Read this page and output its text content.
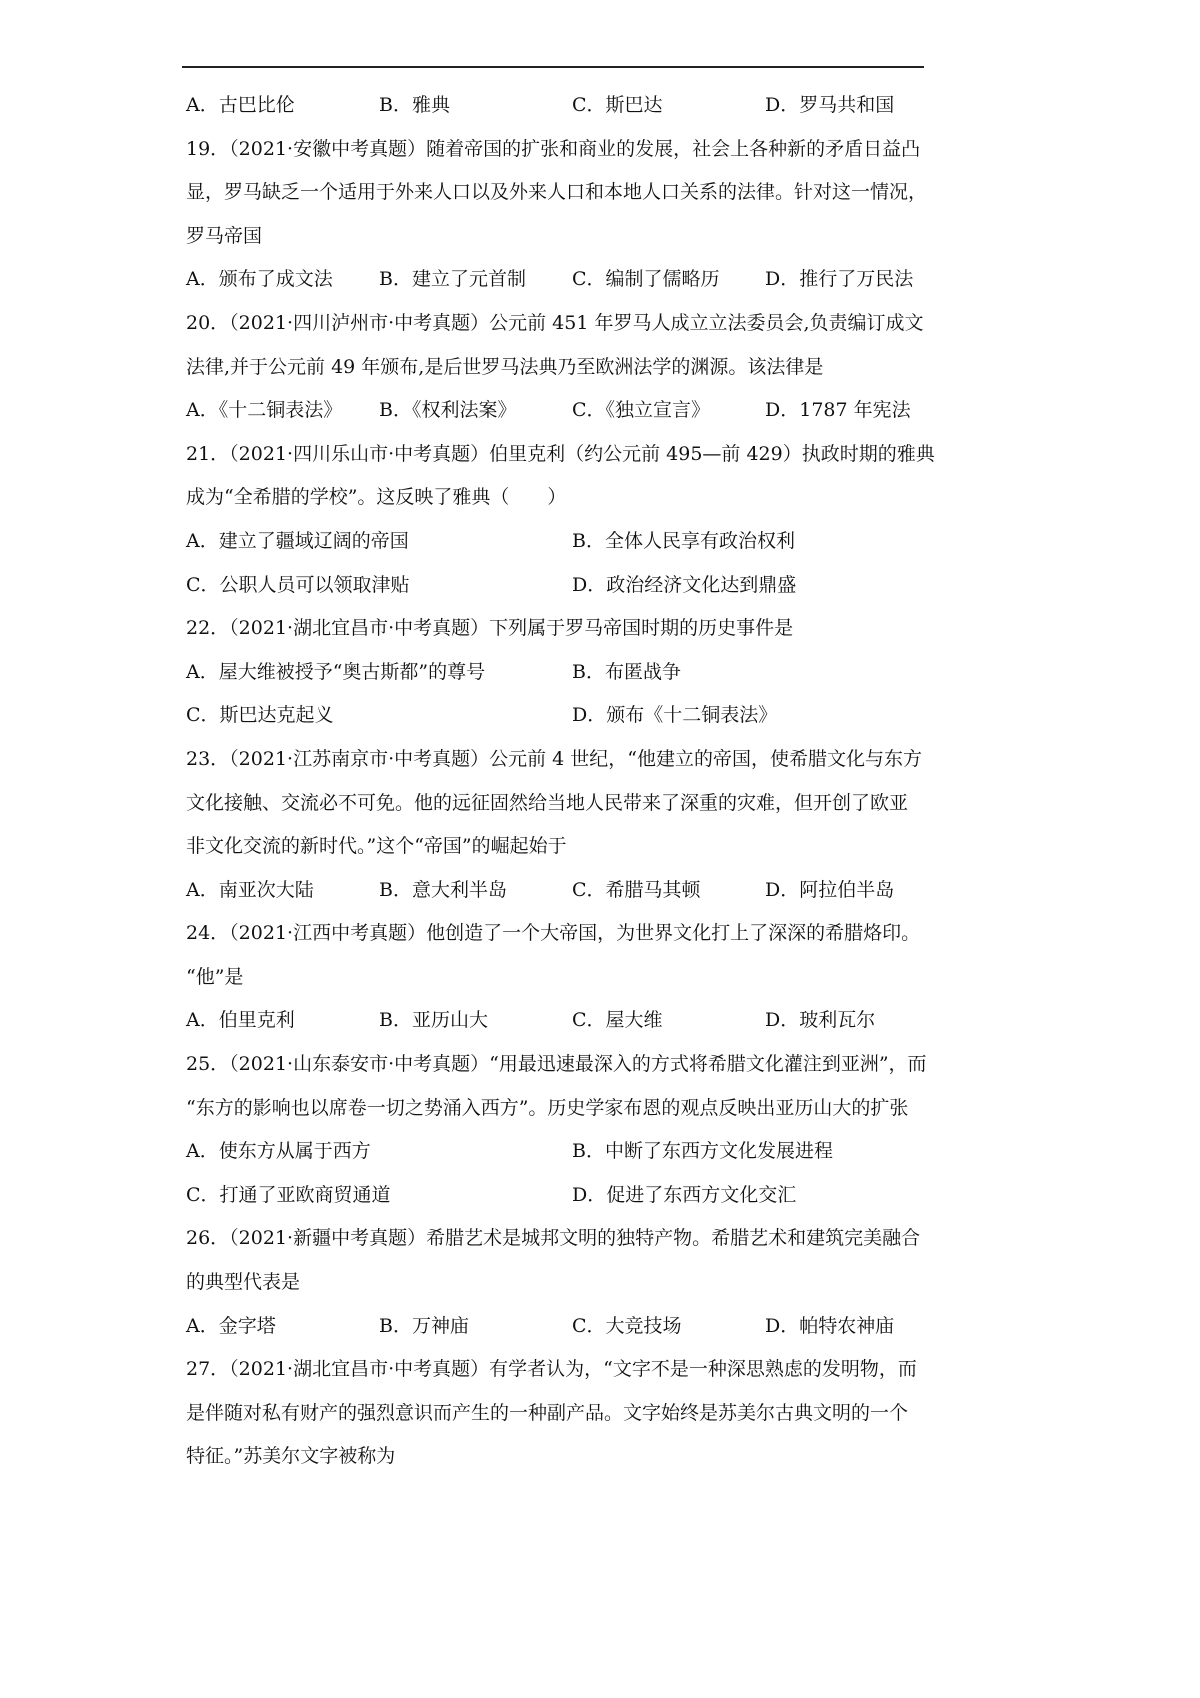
A．古巴比伦	B．雅典	C．斯巴达	D．罗马共和国
19．（2021·安徽中考真题）随着帝国的扩张和商业的发展，社会上各种新的矛盾日益凸
显，罗马缺乏一个适用于外来人口以及外来人口和本地人口关系的法律。针对这一情况，
罗马帝国
A．颁布了成文法	B．建立了元首制	C．编制了儒略历	D．推行了万民法
20．（2021·四川泸州市·中考真题）公元前 451 年罗马人成立立法委员会,负责编订成文
法律,并于公元前 49 年颁布,是后世罗马法典乃至欧洲法学的渊源。该法律是
A．《十二铜表法》	B．《权利法案》	C．《独立宣言》	D．1787 年宪法
21．（2021·四川乐山市·中考真题）伯里克利（约公元前 495—前 429）执政时期的雅典
成为“全希腊的学校”。这反映了雅典（　　）
A．建立了疆域辽阔的帝国	B．全体人民享有政治权利
C．公职人员可以领取津贴	D．政治经济文化达到鼎盛
22．（2021·湖北宜昌市·中考真题）下列属于罗马帝国时期的历史事件是
A．屋大维被授予“奥古斯都”的尊号	B．布匿战争
C．斯巴达克起义	D．颁布《十二铜表法》
23．（2021·江苏南京市·中考真题）公元前 4 世纪，“他建立的帝国，使希腊文化与东方
文化接触、交流必不可免。他的远征固然给当地人民带来了深重的灾难，但开创了欧亚
非文化交流的新时代。”这个“帝国”的崛起始于
A．南亚次大陆	B．意大利半岛	C．希腊马其顿	D．阿拉伯半岛
24．（2021·江西中考真题）他创造了一个大帝国，为世界文化打上了深深的希腊烙印。
“他”是
A．伯里克利	B．亚历山大	C．屋大维	D．玻利瓦尔
25．（2021·山东泰安市·中考真题）“用最迅速最深入的方式将希腊文化灌注到亚洲”，而
“东方的影响也以席卷一切之势涌入西方”。历史学家布恩的观点反映出亚历山大的扩张
A．使东方从属于西方	B．中断了东西方文化发展进程
C．打通了亚欧商贸通道	D．促进了东西方文化交汇
26．（2021·新疆中考真题）希腊艺术是城邦文明的独特产物。希腊艺术和建筑完美融合
的典型代表是
A．金字塔	B．万神庙	C．大竞技场	D．帕特农神庙
27．（2021·湖北宜昌市·中考真题）有学者认为，“文字不是一种深思熟虑的发明物，而
是伴随对私有财产的强烈意识而产生的一种副产品。文字始终是苏美尔古典文明的一个
特征。”苏美尔文字被称为
